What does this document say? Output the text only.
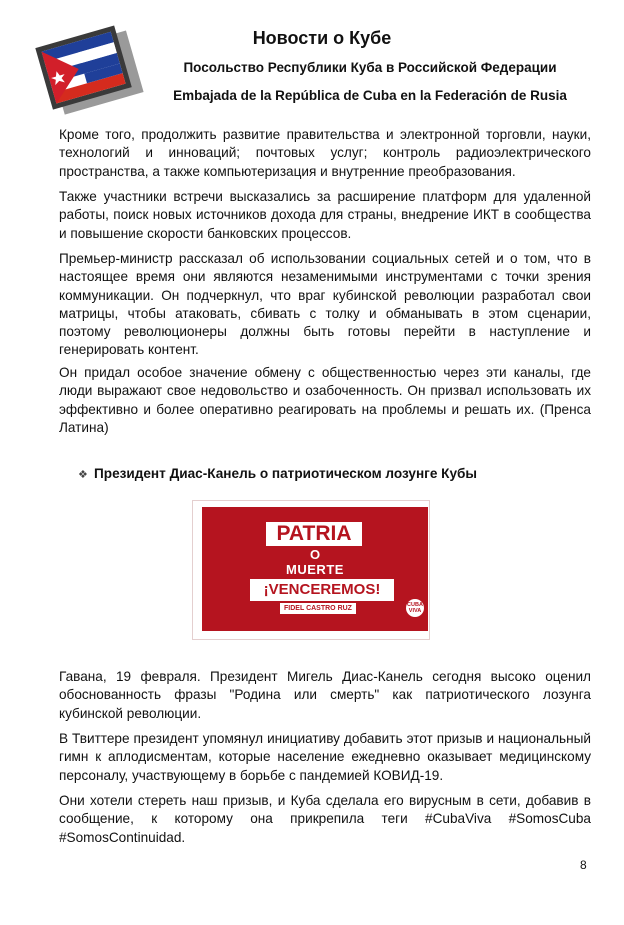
Новости о Кубе
Посольство Республики Куба в Российской Федерации
Embajada de la República de Cuba en la Federación de Rusia

Кроме того, продолжить развитие правительства и электронной торговли, науки, технологий и инноваций; почтовых услуг; контроль радиоэлектрического пространства, а также компьютеризация и внутренние преобразования.

Также участники встречи высказались за расширение платформ для удаленной работы, поиск новых источников дохода для страны, внедрение ИКТ в сообщества и повышение скорости банковских процессов.

Премьер-министр рассказал об использовании социальных сетей и о том, что в настоящее время они являются незаменимыми инструментами с точки зрения коммуникации. Он подчеркнул, что враг кубинской революции разработал свои матрицы, чтобы атаковать, сбивать с толку и обманывать в этом сценарии, поэтому революционеры должны быть готовы перейти в наступление и генерировать контент.

Он придал особое значение обмену с общественностью через эти каналы, где люди выражают свое недовольство и озабоченность. Он призвал использовать их эффективно и более оперативно реагировать на проблемы и решать их. (Пренса Латина)

❖ Президент Диас-Канель о патриотическом лозунге Кубы
PATRIA
O
MUERTE
¡VENCEREMOS!
FIDEL CASTRO RUZ	CUBA VIVA

Гавана, 19 февраля. Президент Мигель Диас-Канель сегодня высоко оценил обоснованность фразы "Родина или смерть" как патриотического лозунга кубинской революции.

В Твиттере президент упомянул инициативу добавить этот призыв и национальный гимн к аплодисментам, которые население ежедневно оказывает медицинскому персоналу, участвующему в борьбе с пандемией КОВИД-19.

Они хотели стереть наш призыв, и Куба сделала его вирусным в сети, добавив в сообщение, к которому она прикрепила теги #CubaViva #SomosCuba #SomosContinuidad.

8
